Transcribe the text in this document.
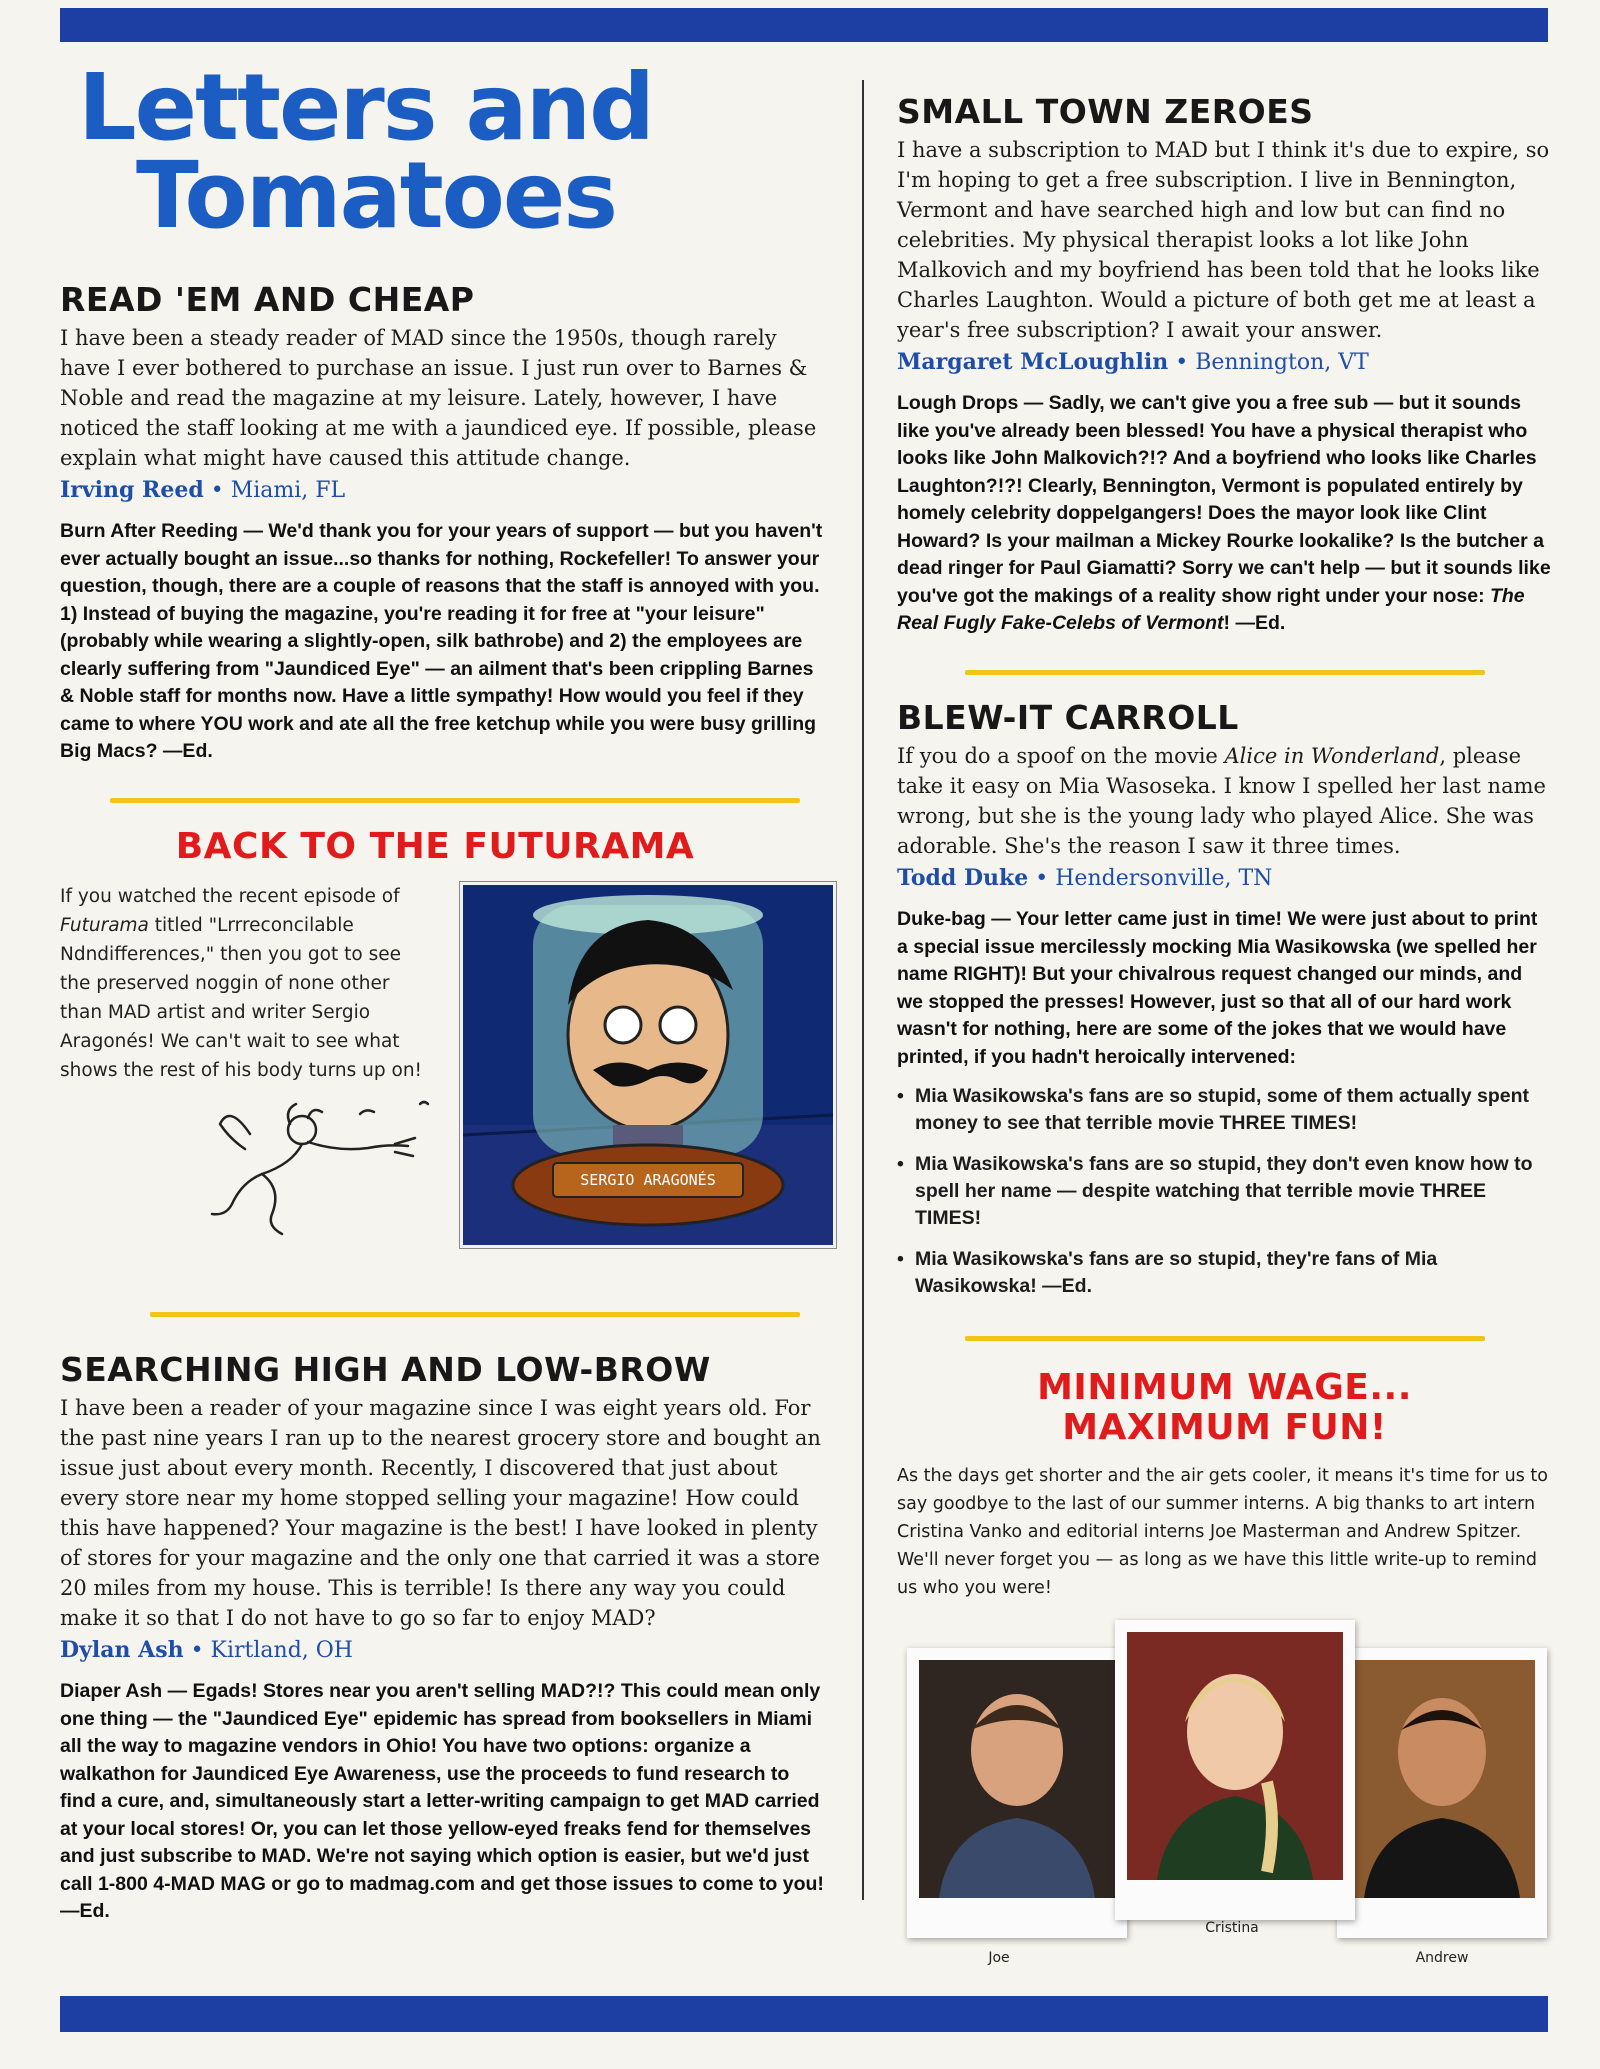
Letters and
Tomatoes
READ 'EM AND CHEAP

I have been a steady reader of MAD since the 1950s, though rarely have I ever bothered to purchase an issue. I just run over to Barnes & Noble and read the magazine at my leisure. Lately, however, I have noticed the staff looking at me with a jaundiced eye. If possible, please explain what might have caused this attitude change.

Irving Reed • Miami, FL

Burn After Reeding — We'd thank you for your years of support — but you haven't ever actually bought an issue...so thanks for nothing, Rockefeller! To answer your question, though, there are a couple of reasons that the staff is annoyed with you. 1) Instead of buying the magazine, you're reading it for free at "your leisure" (probably while wearing a slightly-open, silk bathrobe) and 2) the employees are clearly suffering from "Jaundiced Eye" — an ailment that's been crippling Barnes & Noble staff for months now. Have a little sympathy! How would you feel if they came to where YOU work and ate all the free ketchup while you were busy grilling Big Macs? —Ed.

BACK TO THE FUTURAMA
If you watched the recent episode of Futurama titled "Lrrreconcilable Ndndifferences," then you got to see the preserved noggin of none other than MAD artist and writer Sergio Aragonés! We can't wait to see what shows the rest of his body turns up on!
SERGIO ARAGONÉS
SEARCHING HIGH AND LOW-BROW

I have been a reader of your magazine since I was eight years old. For the past nine years I ran up to the nearest grocery store and bought an issue just about every month. Recently, I discovered that just about every store near my home stopped selling your magazine! How could this have happened? Your magazine is the best! I have looked in plenty of stores for your magazine and the only one that carried it was a store 20 miles from my house. This is terrible! Is there any way you could make it so that I do not have to go so far to enjoy MAD?

Dylan Ash • Kirtland, OH

Diaper Ash — Egads! Stores near you aren't selling MAD?!? This could mean only one thing — the "Jaundiced Eye" epidemic has spread from booksellers in Miami all the way to magazine vendors in Ohio! You have two options: organize a walkathon for Jaundiced Eye Awareness, use the proceeds to fund research to find a cure, and, simultaneously start a letter-writing campaign to get MAD carried at your local stores! Or, you can let those yellow-eyed freaks fend for themselves and just subscribe to MAD. We're not saying which option is easier, but we'd just call 1-800 4-MAD MAG or go to madmag.com and get those issues to come to you! —Ed.

SMALL TOWN ZEROES

I have a subscription to MAD but I think it's due to expire, so I'm hoping to get a free subscription. I live in Bennington, Vermont and have searched high and low but can find no celebrities. My physical therapist looks a lot like John Malkovich and my boyfriend has been told that he looks like Charles Laughton. Would a picture of both get me at least a year's free subscription? I await your answer.

Margaret McLoughlin • Bennington, VT

Lough Drops — Sadly, we can't give you a free sub — but it sounds like you've already been blessed! You have a physical therapist who looks like John Malkovich?!? And a boyfriend who looks like Charles Laughton?!?! Clearly, Bennington, Vermont is populated entirely by homely celebrity doppelgangers! Does the mayor look like Clint Howard? Is your mailman a Mickey Rourke lookalike? Is the butcher a dead ringer for Paul Giamatti? Sorry we can't help — but it sounds like you've got the makings of a reality show right under your nose: The Real Fugly Fake-Celebs of Vermont! —Ed.

BLEW-IT CARROLL

If you do a spoof on the movie Alice in Wonderland, please take it easy on Mia Wasoseka. I know I spelled her last name wrong, but she is the young lady who played Alice. She was adorable. She's the reason I saw it three times.

Todd Duke • Hendersonville, TN

Duke-bag — Your letter came just in time! We were just about to print a special issue mercilessly mocking Mia Wasikowska (we spelled her name RIGHT)! But your chivalrous request changed our minds, and we stopped the presses! However, just so that all of our hard work wasn't for nothing, here are some of the jokes that we would have printed, if you hadn't heroically intervened:

• Mia Wasikowska's fans are so stupid, some of them actually spent money to see that terrible movie THREE TIMES!
• Mia Wasikowska's fans are so stupid, they don't even know how to spell her name — despite watching that terrible movie THREE TIMES!
• Mia Wasikowska's fans are so stupid, they're fans of Mia Wasikowska! —Ed.
MINIMUM WAGE...
MAXIMUM FUN!

As the days get shorter and the air gets cooler, it means it's time for us to say goodbye to the last of our summer interns. A big thanks to art intern Cristina Vanko and editorial interns Joe Masterman and Andrew Spitzer. We'll never forget you — as long as we have this little write-up to remind us who you were!

Joe
Cristina
Andrew
